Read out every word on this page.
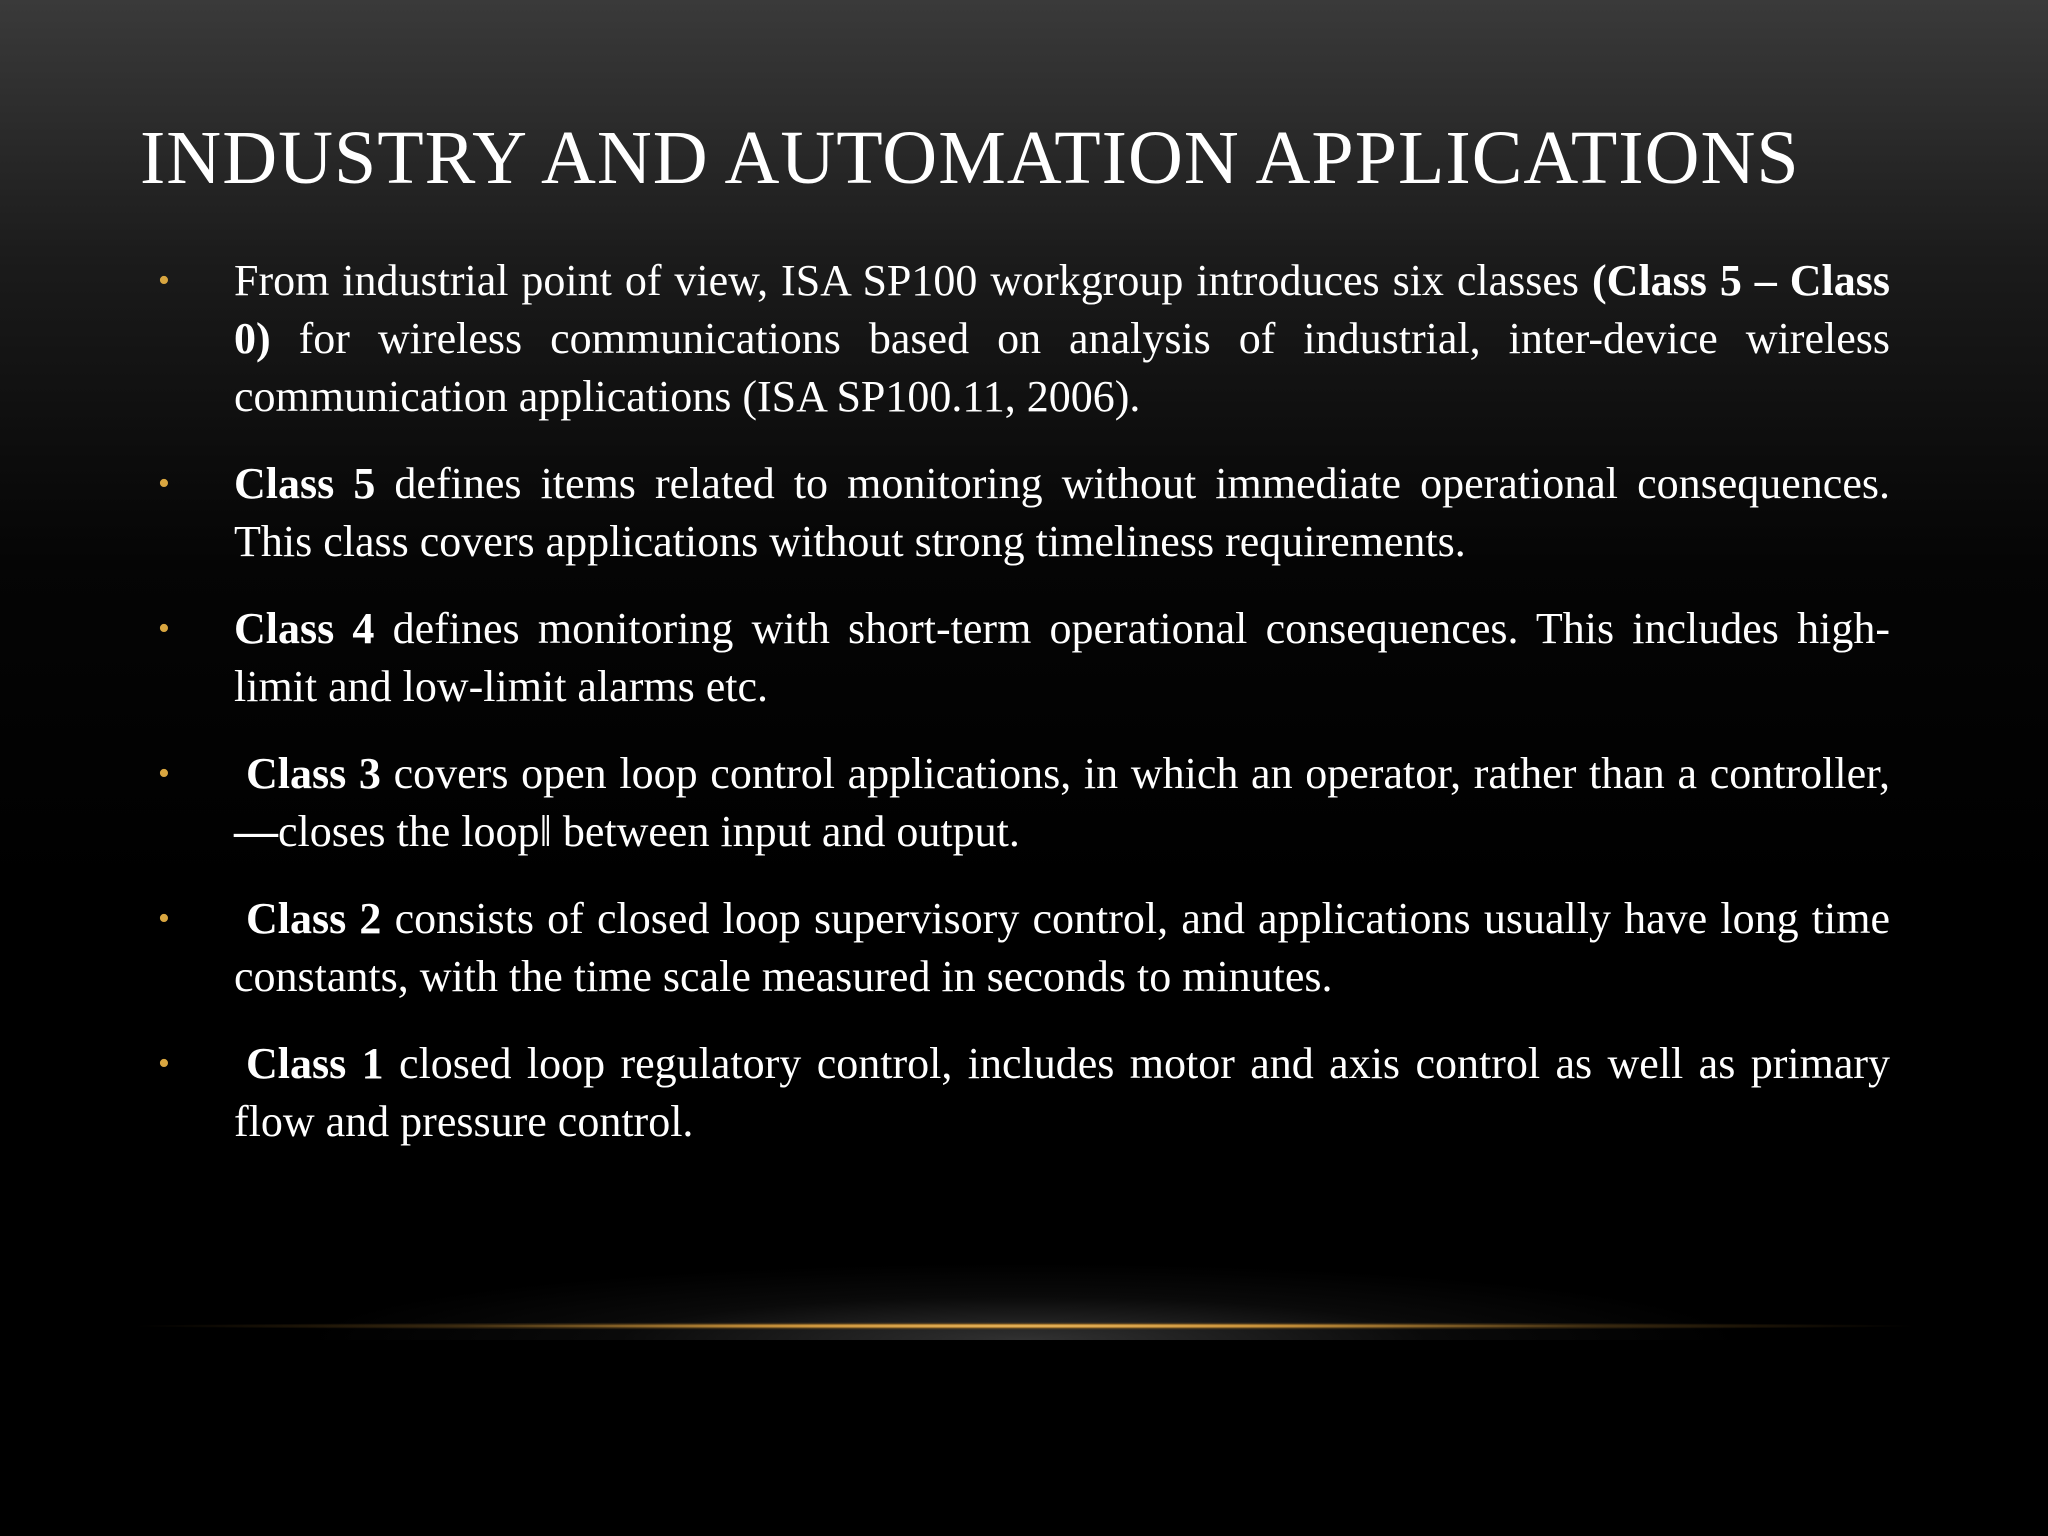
INDUSTRY AND AUTOMATION APPLICATIONS
• From industrial point of view, ISA SP100 workgroup introduces six classes (Class 5 – Class 0) for wireless communications based on analysis of industrial, inter-device wireless communication applications (ISA SP100.11, 2006).

• Class 5 defines items related to monitoring without immediate operational consequences. This class covers applications without strong timeliness requirements.

• Class 4 defines monitoring with short-term operational consequences. This includes high-limit and low-limit alarms etc.

• Class 3 covers open loop control applications, in which an operator, rather than a controller, —closes the loop‖ between input and output.

• Class 2 consists of closed loop supervisory control, and applications usually have long time constants, with the time scale measured in seconds to minutes.

• Class 1 closed loop regulatory control, includes motor and axis control as well as primary flow and pressure control.
